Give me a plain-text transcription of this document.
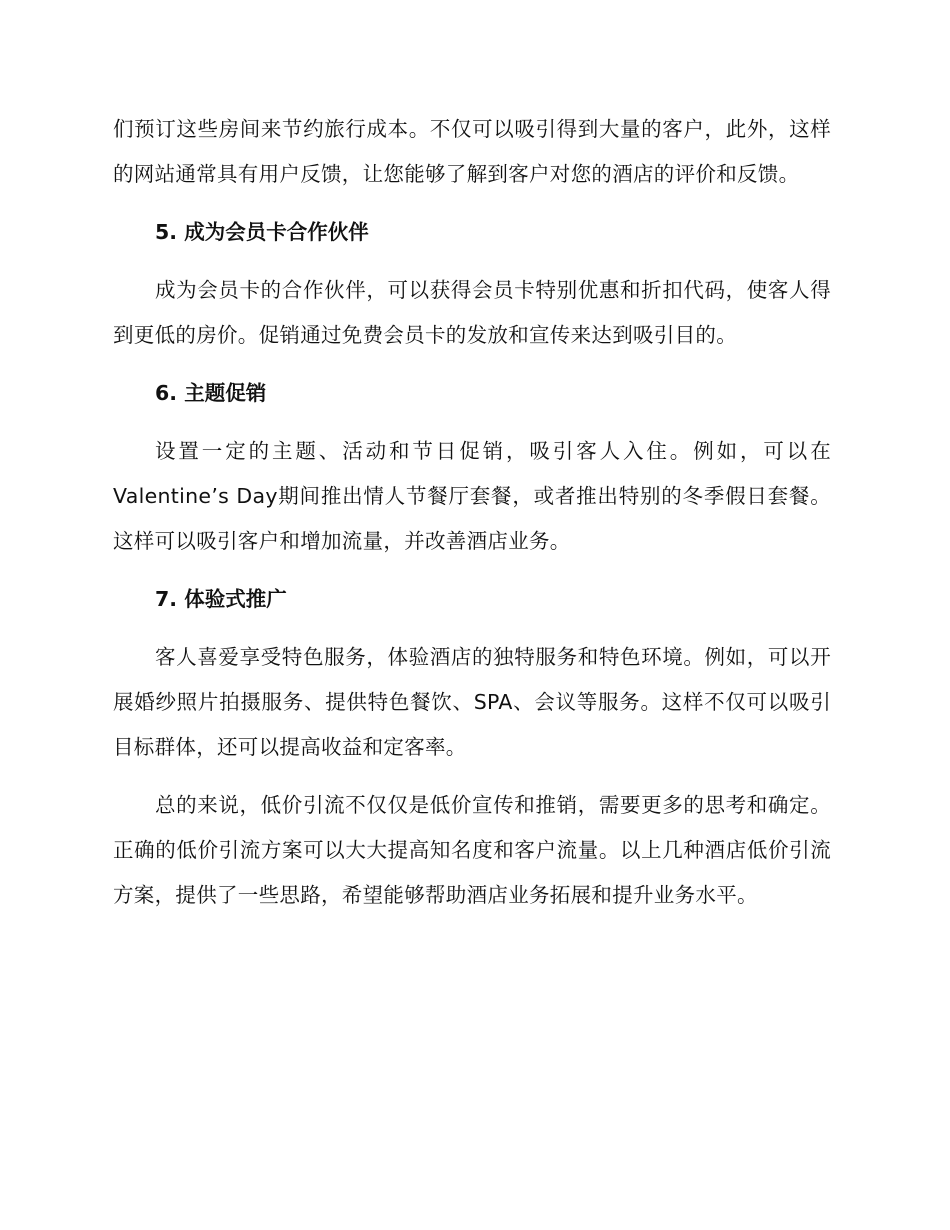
们预订这些房间来节约旅行成本。不仅可以吸引得到大量的客户，此外，这样的网站通常具有用户反馈，让您能够了解到客户对您的酒店的评价和反馈。

5. 成为会员卡合作伙伴

成为会员卡的合作伙伴，可以获得会员卡特别优惠和折扣代码，使客人得到更低的房价。促销通过免费会员卡的发放和宣传来达到吸引目的。

6. 主题促销

设置一定的主题、活动和节日促销，吸引客人入住。例如，可以在Valentine’s Day期间推出情人节餐厅套餐，或者推出特别的冬季假日套餐。这样可以吸引客户和增加流量，并改善酒店业务。

7. 体验式推广

客人喜爱享受特色服务，体验酒店的独特服务和特色环境。例如，可以开展婚纱照片拍摄服务、提供特色餐饮、SPA、会议等服务。这样不仅可以吸引目标群体，还可以提高收益和定客率。

总的来说，低价引流不仅仅是低价宣传和推销，需要更多的思考和确定。正确的低价引流方案可以大大提高知名度和客户流量。以上几种酒店低价引流方案，提供了一些思路，希望能够帮助酒店业务拓展和提升业务水平。
